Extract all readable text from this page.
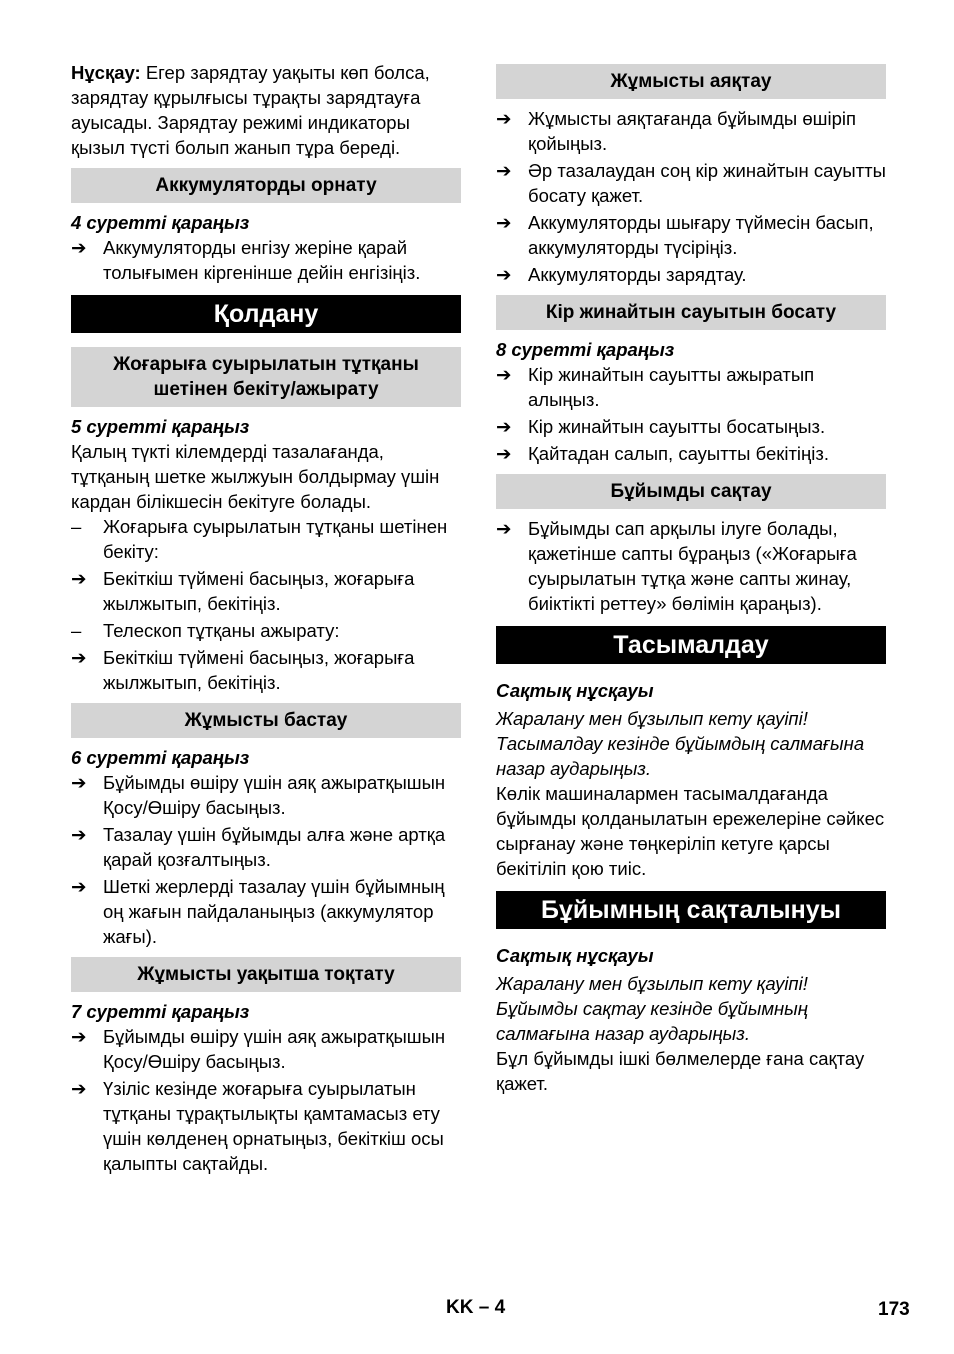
Нұсқау: Егер зарядтау уақыты көп болса, зарядтау құрылғысы тұрақты зарядтауға ауысады. Зарядтау режимі индикаторы қызыл түсті болып жанып тұра береді.

Аккумуляторды орнату

4 суретті қараңыз

➔ Аккумуляторды енгізу жеріне қарай толығымен кіргенінше дейін енгізіңіз.
Қолдану
Жоғарыға суырылатын тұтқаны шетінен бекіту/ажырату

5 суретті қараңыз

Қалың түкті кілемдерді тазалағанда, тұтқаның шетке жылжуын болдырмау үшін кардан білікшесін бекітуге болады.

–	Жоғарыға суырылатын тұтқаны шетінен бекіту:
➔ Бекіткіш түймені басыңыз, жоғарыға жылжытып, бекітіңіз.
–	Телескоп тұтқаны ажырату:
➔ Бекіткіш түймені басыңыз, жоғарыға жылжытып, бекітіңіз.
Жұмысты бастау

6 суретті қараңыз

➔ Бұйымды өшіру үшін аяқ ажыратқышын Қосу/Өшіру басыңыз.
➔ Тазалау үшін бұйымды алға және артқа қарай қозғалтыңыз.
➔ Шеткі жерлерді тазалау үшін бұйымның оң жағын пайдаланыңыз (аккумулятор жағы).
Жұмысты уақытша тоқтату

7 суретті қараңыз

➔ Бұйымды өшіру үшін аяқ ажыратқышын Қосу/Өшіру басыңыз.
➔ Үзіліс кезінде жоғарыға суырылатын тұтқаны тұрақтылықты қамтамасыз ету үшін көлденең орнатыңыз, бекіткіш осы қалыпты сақтайды.
Жұмысты аяқтау
➔ Жұмысты аяқтағанда бұйымды өшіріп қойыңыз.
➔ Әр тазалаудан соң кір жинайтын сауытты босату қажет.
➔ Аккумуляторды шығару түймесін басып, аккумуляторды түсіріңіз.
➔ Аккумуляторды зарядтау.
Кір жинайтын сауытын босату

8 суретті қараңыз

➔ Кір жинайтын сауытты ажыратып алыңыз.
➔ Кір жинайтын сауытты босатыңыз.
➔ Қайтадан салып, сауытты бекітіңіз.
Бұйымды сақтау
➔ Бұйымды сап арқылы ілуге болады, қажетінше сапты бұраңыз («Жоғарыға суырылатын тұтқа және сапты жинау, биіктікті реттеу» бөлімін қараңыз).
Тасымалдау

Сақтық нұсқауы

Жаралану мен бұзылып кету қауіпі! Тасымалдау кезінде бұйымдың салмағына назар аударыңыз.

Көлік машиналармен тасымалдағанда бұйымды қолданылатын ережелеріне сәйкес сырғанау және төңкеріліп кетуге қарсы бекітіліп қою тиіс.

Бұйымның сақталынуы

Сақтық нұсқауы

Жаралану мен бұзылып кету қауіпі! Бұйымды сақтау кезінде бұйымның салмағына назар аударыңыз.

Бұл бұйымды ішкі бөлмелерде ғана сақтау қажет.

KK – 4	173
